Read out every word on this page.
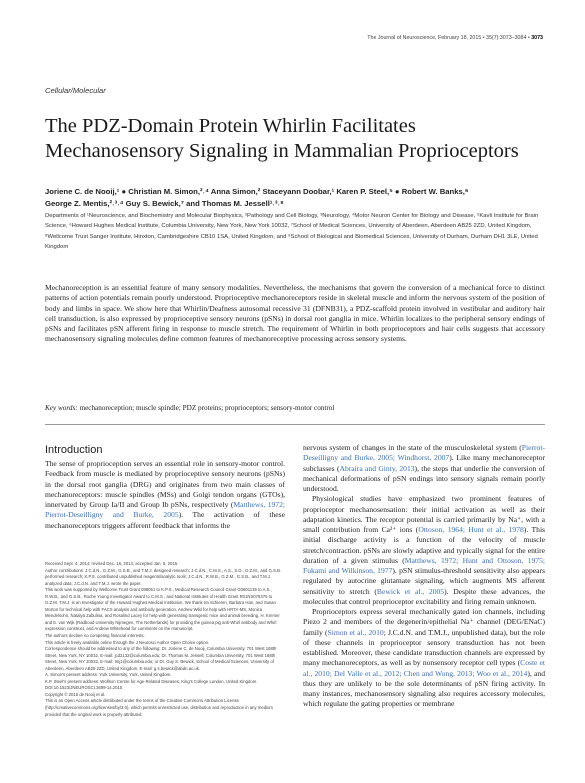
The Journal of Neuroscience, February 18, 2015 • 35(7):3073–3084 • 3073
Cellular/Molecular
The PDZ-Domain Protein Whirlin Facilitates Mechanosensory Signaling in Mammalian Proprioceptors
Joriene C. de Nooij,¹ ● Christian M. Simon,²˒⁴ Anna Simon,² Staceyann Doobar,¹ Karen P. Steel,⁵ ● Robert W. Banks,⁶
George Z. Mentis,²˒³˒⁴ Guy S. Bewick,⁷ and Thomas M. Jessell¹˒³˒⁸
Departments of ¹Neuroscience, and Biochemistry and Molecular Biophysics, ²Pathology and Cell Biology, ³Neurology, ⁴Motor Neuron Center for Biology and Disease, ⁵Kavli Institute for Brain Science, ⁶Howard Hughes Medical Institute, Columbia University, New York, New York 10032, ⁷School of Medical Sciences, University of Aberdeen, Aberdeen AB25 2ZD, United Kingdom, ⁸Wellcome Trust Sanger Institute, Hinxton, Cambridgeshire CB10 1SA, United Kingdom, and ⁹School of Biological and Biomedical Sciences, University of Durham, Durham DH1 3LE, United Kingdom
Mechanoreception is an essential feature of many sensory modalities. Nevertheless, the mechanisms that govern the conversion of a mechanical force to distinct patterns of action potentials remain poorly understood. Proprioceptive mechanoreceptors reside in skeletal muscle and inform the nervous system of the position of body and limbs in space. We show here that Whirlin/Deafness autosomal recessive 31 (DFNB31), a PDZ-scaffold protein involved in vestibular and auditory hair cell transduction, is also expressed by proprioceptive sensory neurons (pSNs) in dorsal root ganglia in mice. Whirlin localizes to the peripheral sensory endings of pSNs and facilitates pSN afferent firing in response to muscle stretch. The requirement of Whirlin in both proprioceptors and hair cells suggests that accessory mechanosensory signaling molecules define common features of mechanoreceptive processing across sensory systems.
Key words: mechanoreception; muscle spindle; PDZ proteins; proprioceptors; sensory-motor control
Introduction
The sense of proprioception serves an essential role in sensory-motor control. Feedback from muscle is mediated by proprioceptive sensory neurons (pSNs) in the dorsal root ganglia (DRG) and originates from two main classes of mechanoreceptors: muscle spindles (MSs) and Golgi tendon organs (GTOs), innervated by Group Ia/II and Group Ib pSNs, respectively (Matthews, 1972; Pierrot-Deseilligny and Burke, 2005). The activation of these mechanoreceptors triggers afferent feedback that informs the

Received Sept. 4, 2014; revised Dec. 16, 2014; accepted Jan. 6, 2015.

Author contributions: J.C.d.N., G.Z.M., G.S.B., and T.M.J. designed research; J.C.d.N., C.M.S., A.S., S.D., G.Z.M., and G.S.B. performed research; K.P.S. contributed unpublished reagents/analytic tools; J.C.d.N., R.W.B., G.Z.M., G.S.B., and T.M.J. analyzed data; J.C.d.N. and T.M.J. wrote the paper.

This work was supported by Wellcome Trust Grant 098051 to K.P.S., Medical Research Council Grant G0601135 to A.S., R.W.B., and G.S.B., Roche Young Investigator Award to C.M.S., and National Institutes of Health Grant R01NS078375 to G.Z.M. T.M.J. is an Investigator of the Howard Hughes Medical Institution. We thank Ira Schieren, Barbara Han, and Susan Morton for technical help with FACS analysis and antibody generation, Andrew Wild for help with HRTA-MS, Monica Mendelsohn, Natalya Zabulina, and Rosalind Lacey for help with generating transgenic mice and animal breeding, H. Kremer and E. van Wijk (Radboud University Nijmegen, The Netherlands) for providing the guinea pig anti-Whirl antibody and Whirl expression construct, and Andrew Whitehead for comments on the manuscript.

The authors declare no competing financial interests.

This article is freely available online through the J Neurosci Author Open Choice option.

Correspondence should be addressed to any of the following: Dr. Joriene C. de Nooij, Columbia University, 701 West 168th Street, New York, NY 10032, E-mail: jcd2132@columbia.edu; Dr. Thomas M. Jessell, Columbia University, 701 West 168th Street, New York, NY 10032, E-mail: tmj1@columbia.edu; or Dr. Guy S. Bewick, School of Medical Sciences, University of Aberdeen, Aberdeen AB25 2ZD, United Kingdom, E-mail: g.s.bewick@abdn.ac.uk.

A. Simon's present address: York University, York, United Kingdom.

K.P. Steel's present address: Wolfson Centre for Age-Related Diseases, King's College London, United Kingdom.

DOI:10.1523/JNEUROSCI.3699-14.2015

Copyright © 2015 de Nooij et al.

This is an Open Access article distributed under the terms of the Creative Commons Attribution License (http://creativecommons.org/licenses/by/3.0), which permits unrestricted use, distribution and reproduction in any medium provided that the original work is properly attributed.

nervous system of changes in the state of the musculoskeletal system (Pierrot-Deseilligny and Burke, 2005; Windhorst, 2007). Like many mechanoreceptor subclasses (Abraira and Ginty, 2013), the steps that underlie the conversion of mechanical deformations of pSN endings into sensory signals remain poorly understood.

Physiological studies have emphasized two prominent features of proprioceptor mechanosensation: their initial activation as well as their adaptation kinetics. The receptor potential is carried primarily by Na⁺, with a small contribution from Ca²⁺ ions (Ottoson, 1964; Hunt et al., 1978). This initial discharge activity is a function of the velocity of muscle stretch/contraction. pSNs are slowly adaptive and typically signal for the entire duration of a given stimulus (Matthews, 1972; Hunt and Ottoson, 1975; Fukami and Wilkinson, 1977). pSN stimulus-threshold sensitivity also appears regulated by autocrine glutamate signaling, which augments MS afferent sensitivity to stretch (Bewick et al., 2005). Despite these advances, the molecules that control proprioceptor excitability and firing remain unknown.

Proprioceptors express several mechanically gated ion channels, including Piezo 2 and members of the degenerin/epithelial Na⁺ channel (DEG/ENaC) family (Simon et al., 2010; J.C.d.N. and T.M.J., unpublished data), but the role of these channels in proprioceptor sensory transduction has not been established. Moreover, these candidate transduction channels are expressed by many mechanoreceptors, as well as by nonsensory receptor cell types (Coste et al., 2010; Del Valle et al., 2012; Chen and Wong, 2013; Woo et al., 2014), and thus they are unlikely to be the sole determinants of pSN firing activity. In many instances, mechanosensory signaling also requires accessory molecules, which regulate the gating properties or membrane
